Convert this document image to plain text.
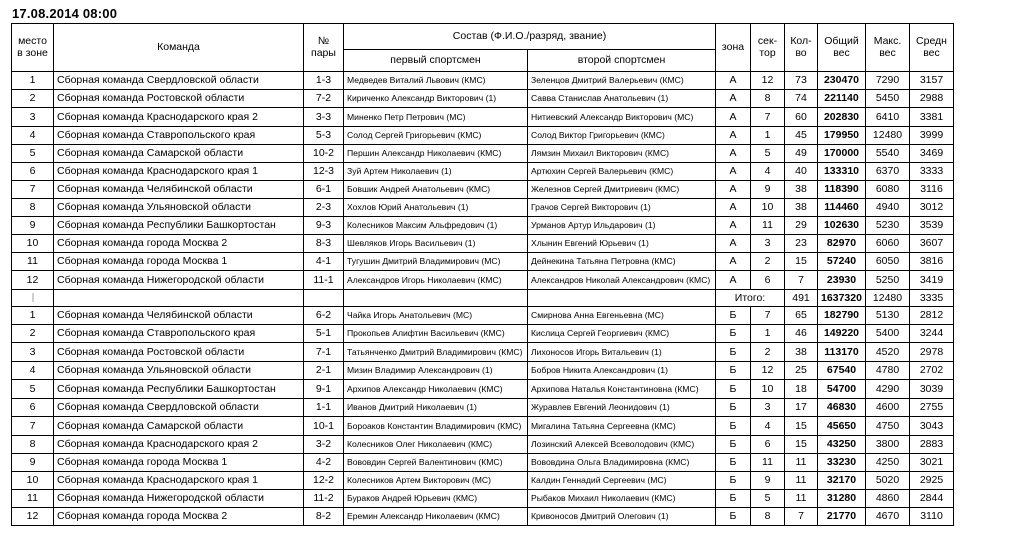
17.08.2014 08:00
место в зоне	Команда	№ пары	Состав (Ф.И.О./разряд, звание)		зона	сек-тор	Кол-во	Общий вес	Макс. вес	Средн вес
			первый спортсмен	второй спортсмен						
1	Сборная команда Свердловской области	1-3	Медведев Виталий Львович (КМС)	Зеленцов Дмитрий Валерьевич (КМС)	А	12	73	230470	7290	3157
2	Сборная команда Ростовской области	7-2	Кириченко Александр Викторович (1)	Савва Станислав Анатольевич (1)	А	8	74	221140	5450	2988
3	Сборная команда Краснодарского края 2	3-3	Миненко Петр Петрович (МС)	Нитиевский Александр Викторович (МС)	А	7	60	202830	6410	3381
4	Сборная команда Ставропольского края	5-3	Солод Сергей Григорьевич (КМС)	Солод Виктор Григорьевич (КМС)	А	1	45	179950	12480	3999
5	Сборная команда Самарской области	10-2	Першин Александр Николаевич (КМС)	Лямзин Михаил Викторович (КМС)	А	5	49	170000	5540	3469
6	Сборная команда Краснодарского края 1	12-3	Зуй Артем Николаевич (1)	Артюхин Сергей Валерьевич (КМС)	А	4	40	133310	6370	3333
7	Сборная команда Челябинской области	6-1	Бовшик Андрей Анатольевич (КМС)	Железнов Сергей Дмитриевич (КМС)	А	9	38	118390	6080	3116
8	Сборная команда Ульяновской области	2-3	Хохлов Юрий Анатольевич (1)	Грачов Сергей Викторович (1)	А	10	38	114460	4940	3012
9	Сборная команда Республики Башкортостан	9-3	Колесников Максим Альфредович (1)	Урманов Артур Ильдарович (1)	А	11	29	102630	5230	3539
10	Сборная команда города Москва 2	8-3	Шевляков Игорь Васильевич (1)	Хлынин Евгений Юрьевич (1)	А	3	23	82970	6060	3607
11	Сборная команда города Москва 1	4-1	Тугушин Дмитрий Владимирович (МС)	Дейнекина Татьяна Петровна (КМС)	А	2	15	57240	6050	3816
12	Сборная команда Нижегородской области	11-1	Александров Игорь Николаевич (КМС)	Александров Николай Александрович (КМС)	А	6	7	23930	5250	3419
					Итого:		491	1637320	12480	3335
1	Сборная команда Челябинской области	6-2	Чайка Игорь Анатольевич (МС)	Смирнова Анна Евгеньевна (МС)	Б	7	65	182790	5130	2812
2	Сборная команда Ставропольского края	5-1	Прокопьев Алифтин Васильевич (КМС)	Кислица Сергей Георгиевич (КМС)	Б	1	46	149220	5400	3244
3	Сборная команда Ростовской области	7-1	Татьянченко Дмитрий Владимирович (КМС)	Лихоносов Игорь Витальевич (1)	Б	2	38	113170	4520	2978
4	Сборная команда Ульяновской области	2-1	Мизин Владимир Александрович (1)	Бобров Никита Александрович (1)	Б	12	25	67540	4780	2702
5	Сборная команда Республики Башкортостан	9-1	Архипов Александр Николаевич (КМС)	Архипова Наталья Константиновна (КМС)	Б	10	18	54700	4290	3039
6	Сборная команда Свердловской области	1-1	Иванов Дмитрий Николаевич (1)	Журавлев Евгений Леонидович (1)	Б	3	17	46830	4600	2755
7	Сборная команда Самарской области	10-1	Бороаков Константин Владимирович (КМС)	Мигалина Татьяна Сергеевна (КМС)	Б	4	15	45650	4750	3043
8	Сборная команда Краснодарского края 2	3-2	Колесников Олег Николаевич (КМС)	Лозинский Алексей Всеволодович (КМС)	Б	6	15	43250	3800	2883
9	Сборная команда города Москва 1	4-2	Вововдин Сергей Валентинович (КМС)	Вововдина Ольга Владимировна (КМС)	Б	11	11	33230	4250	3021
10	Сборная команда Краснодарского края 1	12-2	Колесников Артем Викторович (МС)	Калдин Геннадий Сергеевич (МС)	Б	9	11	32170	5020	2925
11	Сборная команда Нижегородской области	11-2	Бураков Андрей Юрьевич (КМС)	Рыбаков Михаил Николаевич (КМС)	Б	5	11	31280	4860	2844
12	Сборная команда города Москва 2	8-2	Еремин Александр Николаевич (КМС)	Кривоносов Дмитрий Олегович (1)	Б	8	7	21770	4670	3110
